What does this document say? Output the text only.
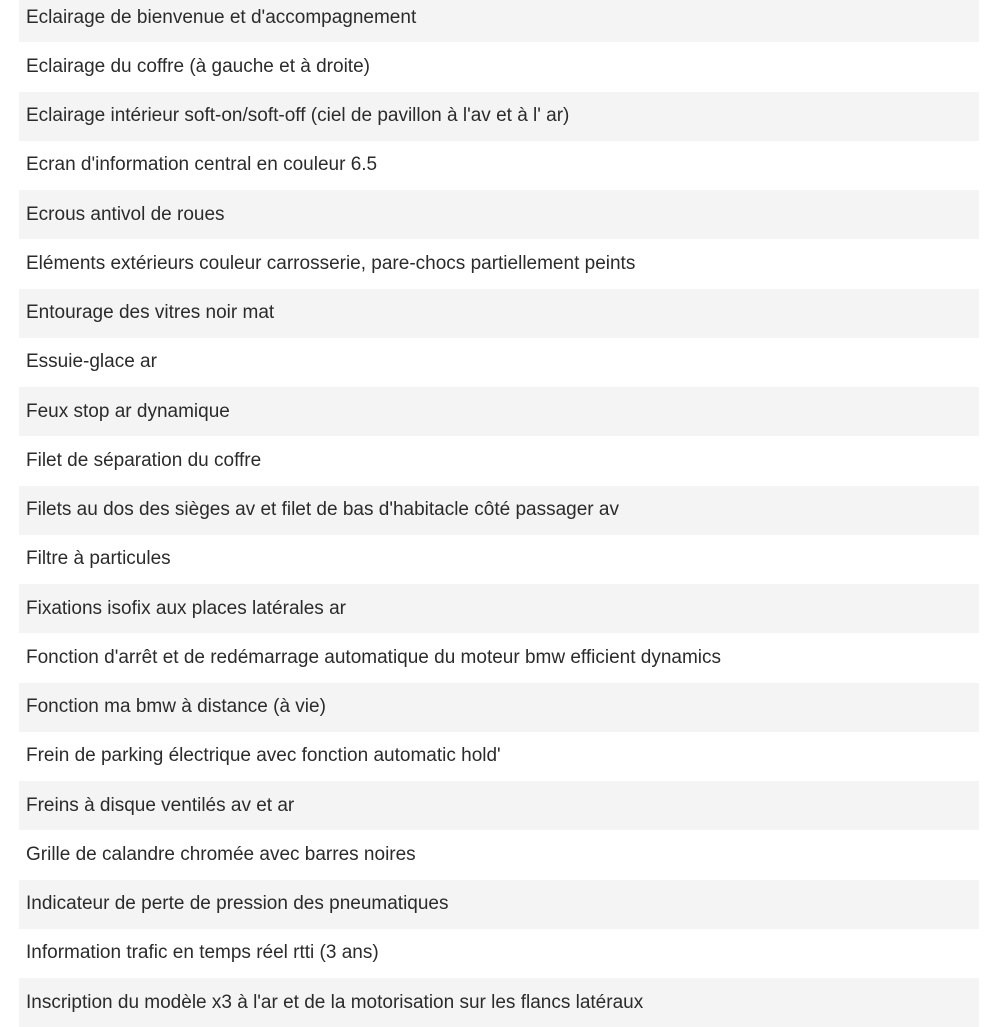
Eclairage de bienvenue et d'accompagnement
Eclairage du coffre (à gauche et à droite)
Eclairage intérieur soft-on/soft-off (ciel de pavillon à l'av et à l' ar)
Ecran d'information central en couleur 6.5
Ecrous antivol de roues
Eléments extérieurs couleur carrosserie, pare-chocs partiellement peints
Entourage des vitres noir mat
Essuie-glace ar
Feux stop ar dynamique
Filet de séparation du coffre
Filets au dos des sièges av et filet de bas d'habitacle côté passager av
Filtre à particules
Fixations isofix aux places latérales ar
Fonction d'arrêt et de redémarrage automatique du moteur bmw efficient dynamics
Fonction ma bmw à distance (à vie)
Frein de parking électrique avec fonction automatic hold'
Freins à disque ventilés av et ar
Grille de calandre chromée avec barres noires
Indicateur de perte de pression des pneumatiques
Information trafic en temps réel rtti (3 ans)
Inscription du modèle x3 à l'ar et de la motorisation sur les flancs latéraux
